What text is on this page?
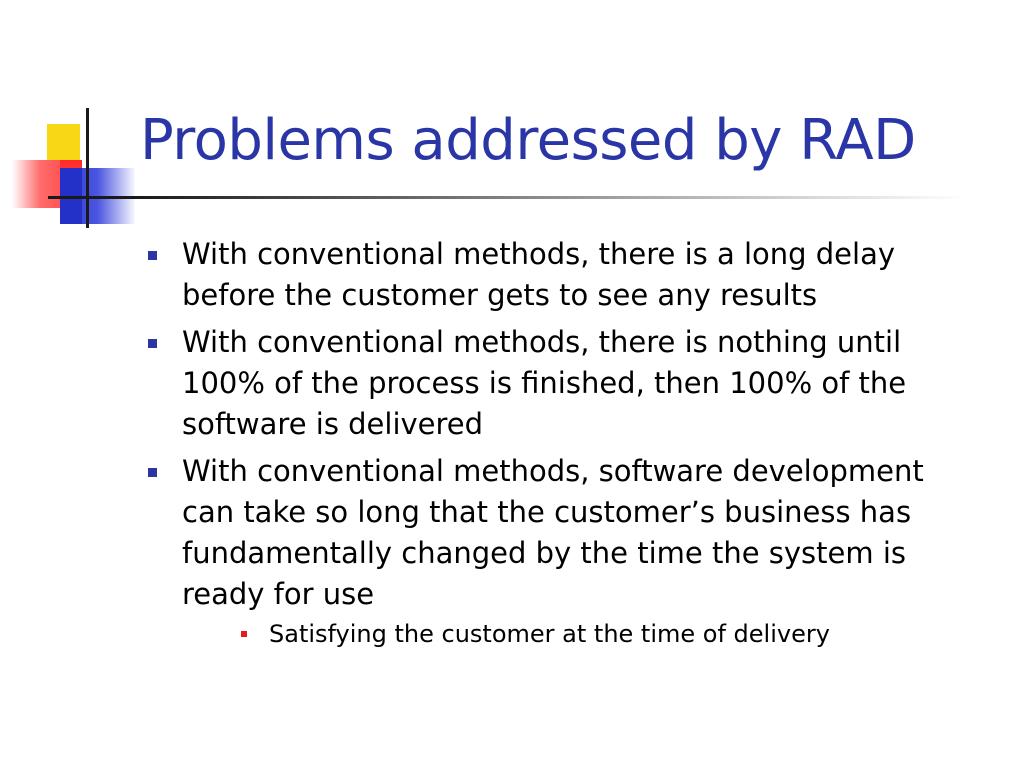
Problems addressed by RAD
With conventional methods, there is a long delay before the customer gets to see any results
With conventional methods, there is nothing until 100% of the process is finished, then 100% of the software is delivered
With conventional methods, software development can take so long that the customer’s business has fundamentally changed by the time the system is ready for use
Satisfying the customer at the time of delivery
